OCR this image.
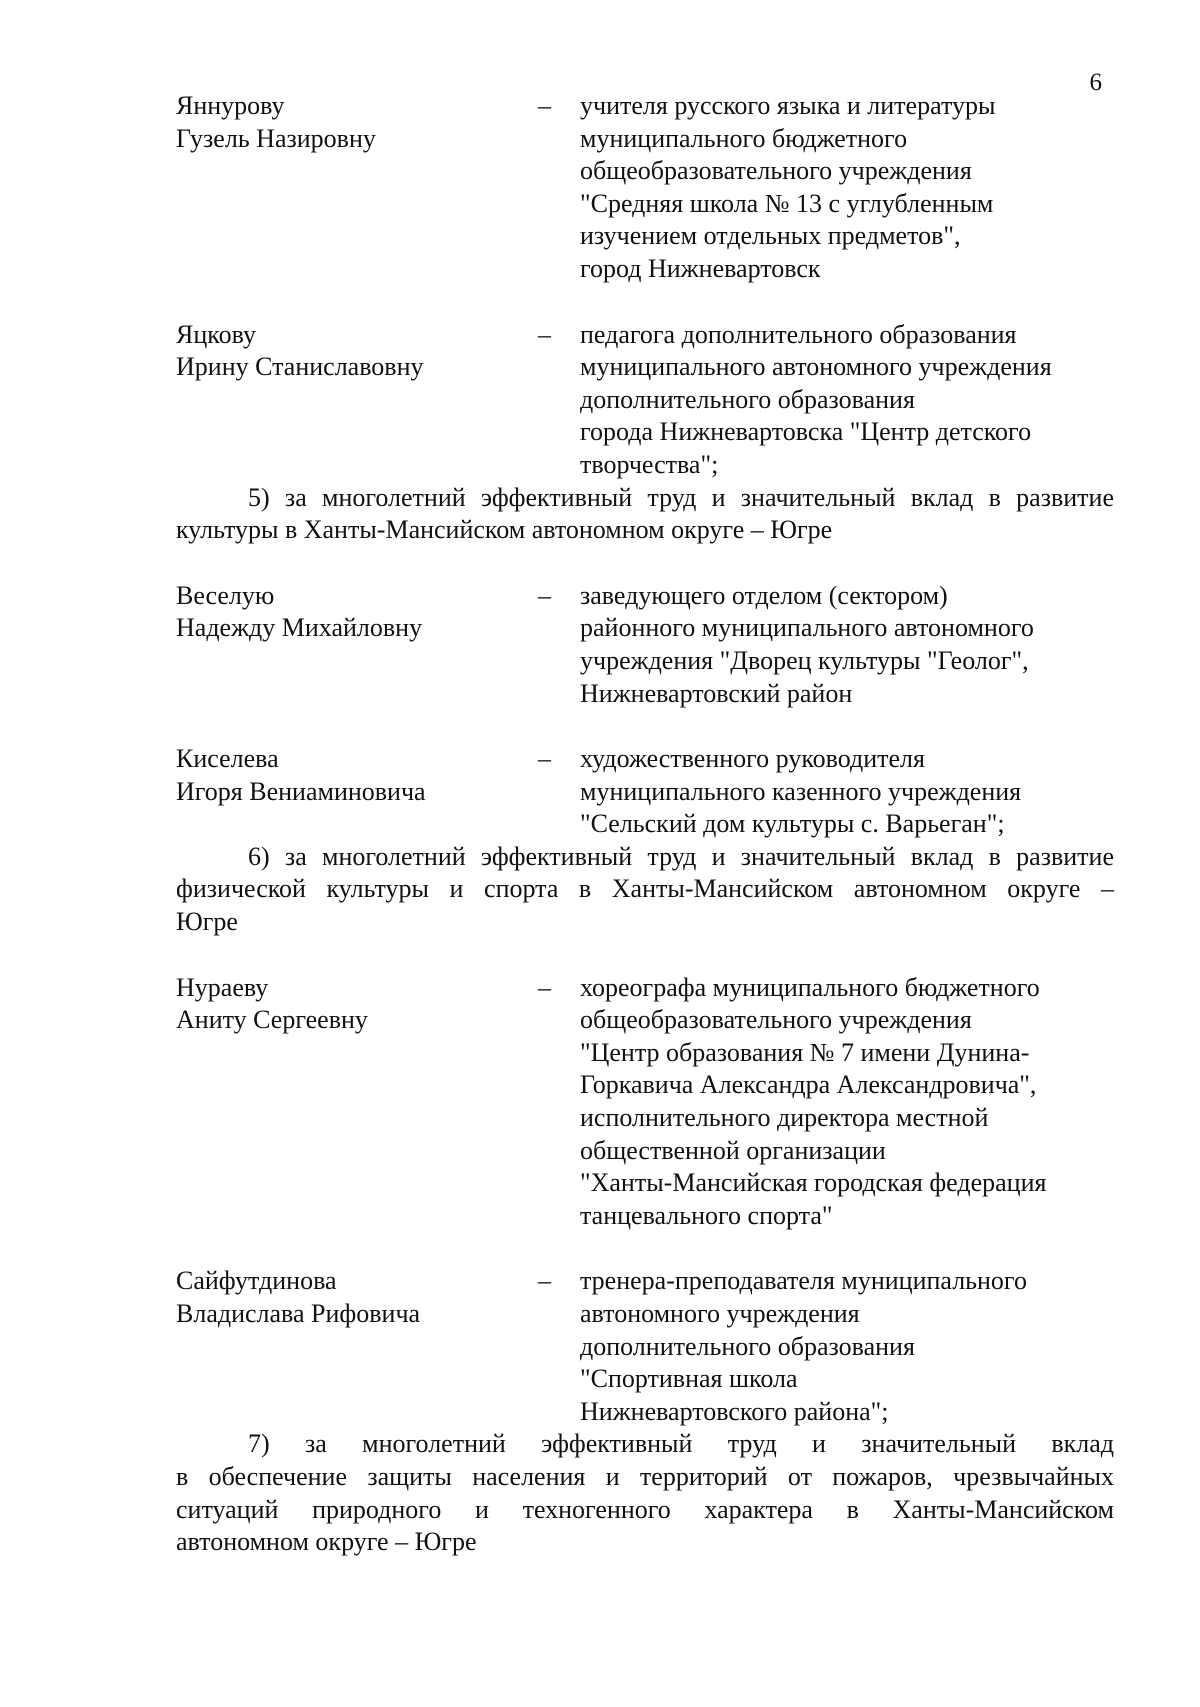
6
Яннурову
Гузель Назировну
–	учителя русского языка и литературы
муниципального бюджетного
общеобразовательного учреждения
"Средняя школа № 13 с углубленным
изучением отдельных предметов",
город Нижневартовск
Яцкову
Ирину Станиславовну
–	педагога дополнительного образования
муниципального автономного учреждения
дополнительного образования
города Нижневартовска "Центр детского
творчества";
5) за многолетний эффективный труд и значительный вклад в развитие
культуры в Ханты-Мансийском автономном округе – Югре
Веселую
Надежду Михайловну
–	заведующего отделом (сектором)
районного муниципального автономного
учреждения "Дворец культуры "Геолог",
Нижневартовский район
Киселева
Игоря Вениаминовича
–	художественного руководителя
муниципального казенного учреждения
"Сельский дом культуры с. Варьеган";
6) за многолетний эффективный труд и значительный вклад в развитие
физической культуры и спорта в Ханты-Мансийском автономном округе –
Югре
Нураеву
Аниту Сергеевну
–	хореографа муниципального бюджетного
общеобразовательного учреждения
"Центр образования № 7 имени Дунина-
Горкавича Александра Александровича",
исполнительного директора местной
общественной организации
"Ханты-Мансийская городская федерация
танцевального спорта"
Сайфутдинова
Владислава Рифовича
–	тренера-преподавателя муниципального
автономного учреждения
дополнительного образования
"Спортивная школа
Нижневартовского района";
7) за многолетний эффективный труд и значительный вклад
в обеспечение защиты населения и территорий от пожаров, чрезвычайных
ситуаций природного и техногенного характера в Ханты-Мансийском
автономном округе – Югре
